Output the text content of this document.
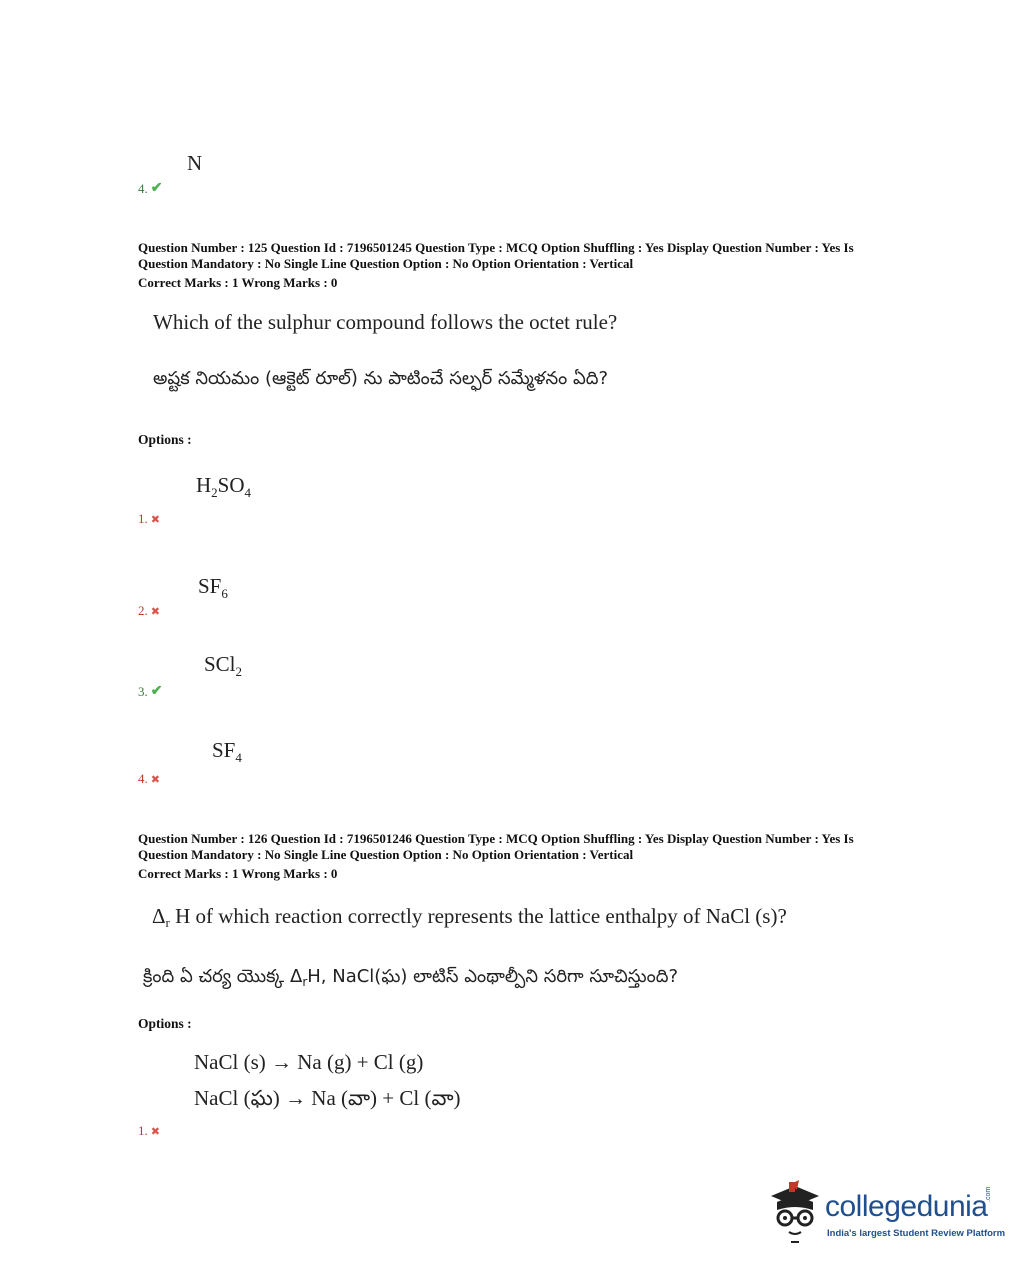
N
4. ✔
Question Number : 125 Question Id : 7196501245 Question Type : MCQ Option Shuffling : Yes Display Question Number : Yes Is
Question Mandatory : No Single Line Question Option : No Option Orientation : Vertical
Correct Marks : 1 Wrong Marks : 0
Which of the sulphur compound follows the octet rule?
అష్టక నియమం (ఆక్టెట్ రూల్) ను పాటించే సల్ఫర్ సమ్మేళనం ఏది?
Options :
$H_2SO_4$
1. ✖
$SF_6$
2. ✖
SCl$_2$
3. ✔
$SF_4$
4. ✖
Question Number : 126 Question Id : 7196501246 Question Type : MCQ Option Shuffling : Yes Display Question Number : Yes Is
Question Mandatory : No Single Line Question Option : No Option Orientation : Vertical
Correct Marks : 1 Wrong Marks : 0
$\Delta_r$ H of which reaction correctly represents the lattice enthalpy of NaCl (s)?
క్రింది ఏ చర్య యొక్క $\Delta_rH$, NaCl(ఘ) లాటిస్ ఎంథాల్పీని సరిగా సూచిస్తుంది?
Options :
NaCl (s) → Na (g) + Cl (g)
NaCl (ఘ) → Na (వా) + Cl (వా)
1. ✖
collegedunia
.com
India's largest Student Review Platform
